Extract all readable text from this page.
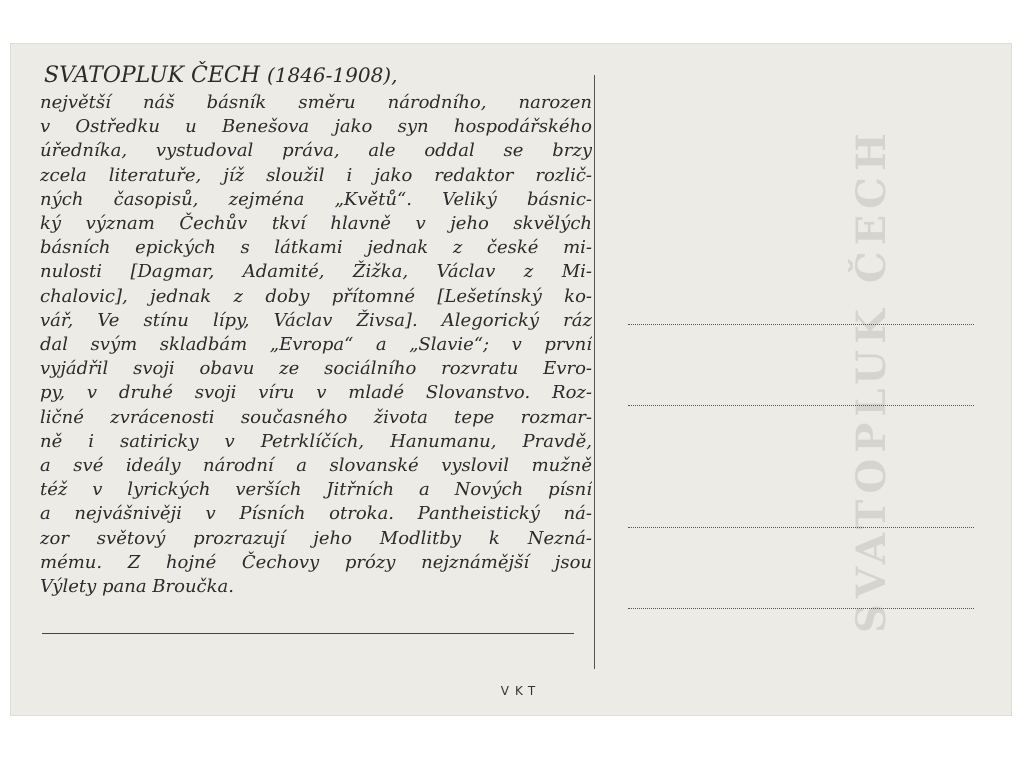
SVATOPLUK ČECH
SVATOPLUK ČECH (1846-1908),
největší náš básník směru národního, narozen
v Ostředku u Benešova jako syn hospodářského
úředníka, vystudoval práva, ale oddal se brzy
zcela literatuře, jíž sloužil i jako redaktor rozlič-
ných časopisů, zejména „Květů“. Veliký básnic-
ký význam Čechův tkví hlavně v jeho skvělých
básních epických s látkami jednak z české mi-
nulosti [Dagmar, Adamité, Žižka, Václav z Mi-
chalovic], jednak z doby přítomné [Lešetínský ko-
vář, Ve stínu lípy, Václav Živsa]. Alegorický ráz
dal svým skladbám „Evropa“ a „Slavie“; v první
vyjádřil svoji obavu ze sociálního rozvratu Evro-
py, v druhé svoji víru v mladé Slovanstvo. Roz-
ličné zvrácenosti současného života tepe rozmar-
ně i satiricky v Petrklíčích, Hanumanu, Pravdě,
a své ideály národní a slovanské vyslovil mužně
též v lyrických verších Jitřních a Nových písní
a nejvášnivěji v Písních otroka. Pantheistický ná-
zor světový prozrazují jeho Modlitby k Nezná-
mému. Z hojné Čechovy prózy nejznámější jsou
Výlety pana Broučka.
VKT
